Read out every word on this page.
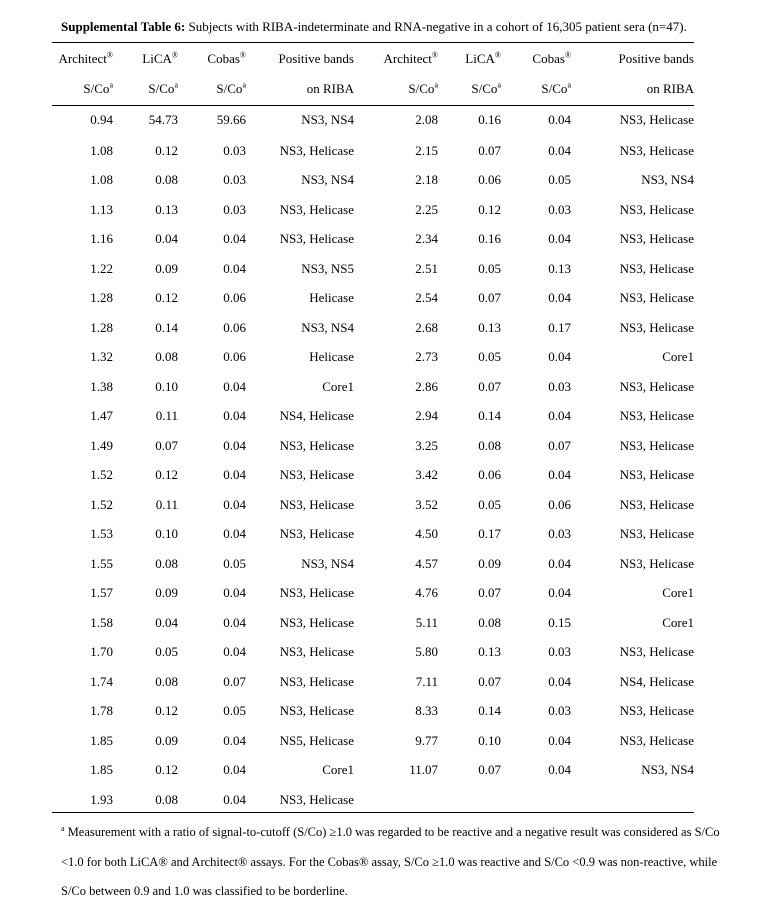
Supplemental Table 6: Subjects with RIBA-indeterminate and RNA-negative in a cohort of 16,305 patient sera (n=47).
Architect®	LiCA®	Cobas®	Positive bands	Architect®	LiCA®	Cobas®	Positive bands
S/Co$^a$	S/Co$^a$	S/Co$^a$	on RIBA	S/Co$^a$	S/Co$^a$	S/Co$^a$	on RIBA
0.94	54.73	59.66	NS3, NS4	2.08	0.16	0.04	NS3, Helicase
1.08	0.12	0.03	NS3, Helicase	2.15	0.07	0.04	NS3, Helicase
1.08	0.08	0.03	NS3, NS4	2.18	0.06	0.05	NS3, NS4
1.13	0.13	0.03	NS3, Helicase	2.25	0.12	0.03	NS3, Helicase
1.16	0.04	0.04	NS3, Helicase	2.34	0.16	0.04	NS3, Helicase
1.22	0.09	0.04	NS3, NS5	2.51	0.05	0.13	NS3, Helicase
1.28	0.12	0.06	Helicase	2.54	0.07	0.04	NS3, Helicase
1.28	0.14	0.06	NS3, NS4	2.68	0.13	0.17	NS3, Helicase
1.32	0.08	0.06	Helicase	2.73	0.05	0.04	Core1
1.38	0.10	0.04	Core1	2.86	0.07	0.03	NS3, Helicase
1.47	0.11	0.04	NS4, Helicase	2.94	0.14	0.04	NS3, Helicase
1.49	0.07	0.04	NS3, Helicase	3.25	0.08	0.07	NS3, Helicase
1.52	0.12	0.04	NS3, Helicase	3.42	0.06	0.04	NS3, Helicase
1.52	0.11	0.04	NS3, Helicase	3.52	0.05	0.06	NS3, Helicase
1.53	0.10	0.04	NS3, Helicase	4.50	0.17	0.03	NS3, Helicase
1.55	0.08	0.05	NS3, NS4	4.57	0.09	0.04	NS3, Helicase
1.57	0.09	0.04	NS3, Helicase	4.76	0.07	0.04	Core1
1.58	0.04	0.04	NS3, Helicase	5.11	0.08	0.15	Core1
1.70	0.05	0.04	NS3, Helicase	5.80	0.13	0.03	NS3, Helicase
1.74	0.08	0.07	NS3, Helicase	7.11	0.07	0.04	NS4, Helicase
1.78	0.12	0.05	NS3, Helicase	8.33	0.14	0.03	NS3, Helicase
1.85	0.09	0.04	NS5, Helicase	9.77	0.10	0.04	NS3, Helicase
1.85	0.12	0.04	Core1	11.07	0.07	0.04	NS3, NS4
1.93	0.08	0.04	NS3, Helicase				
$^a$ Measurement with a ratio of signal-to-cutoff (S/Co) ≥1.0 was regarded to be reactive and a negative result was considered as S/Co <1.0 for both LiCA® and Architect® assays. For the Cobas® assay, S/Co ≥1.0 was reactive and S/Co <0.9 was non-reactive, while S/Co between 0.9 and 1.0 was classified to be borderline.
